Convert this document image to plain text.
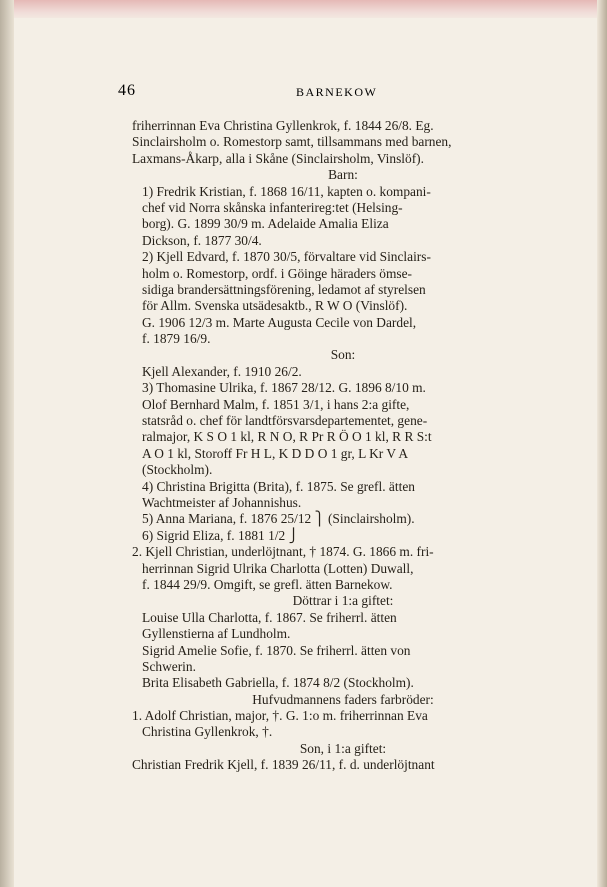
46	BARNEKOW
friherrinnan Eva Christina Gyllenkrok, f. 1844 26/8. Eg.
Sinclairsholm o. Romestorp samt, tillsammans med barnen,
Laxmans-Åkarp, alla i Skåne (Sinclairsholm, Vinslöf).
Barn:
1) Fredrik Kristian, f. 1868 16/11, kapten o. kompani-
chef vid Norra skånska infanterireg:tet (Helsing-
borg). G. 1899 30/9 m. Adelaide Amalia Eliza
Dickson, f. 1877 30/4.
2) Kjell Edvard, f. 1870 30/5, förvaltare vid Sinclairs-
holm o. Romestorp, ordf. i Göinge häraders ömse-
sidiga brandersättningsförening, ledamot af styrelsen
för Allm. Svenska utsädesaktb., R W O (Vinslöf).
G. 1906 12/3 m. Marte Augusta Cecile von Dardel,
f. 1879 16/9.
Son:
Kjell Alexander, f. 1910 26/2.
3) Thomasine Ulrika, f. 1867 28/12. G. 1896 8/10 m.
Olof Bernhard Malm, f. 1851 3/1, i hans 2:a gifte,
statsråd o. chef för landtförsvarsdepartementet, gene-
ralmajor, K S O 1 kl, R N O, R Pr R Ö O 1 kl, R R S:t
A O 1 kl, Storoff Fr H L, K D D O 1 gr, L Kr V A
(Stockholm).
4) Christina Brigitta (Brita), f. 1875. Se grefl. ätten
Wachtmeister af Johannishus.
5) Anna Mariana, f. 1876 25/12 ⎫ (Sinclairsholm).
6) Sigrid Eliza, f. 1881 1/2 ⎭
2. Kjell Christian, underlöjtnant, † 1874. G. 1866 m. fri-
herrinnan Sigrid Ulrika Charlotta (Lotten) Duwall,
f. 1844 29/9. Omgift, se grefl. ätten Barnekow.
Döttrar i 1:a giftet:
Louise Ulla Charlotta, f. 1867. Se friherrl. ätten
Gyllenstierna af Lundholm.
Sigrid Amelie Sofie, f. 1870. Se friherrl. ätten von
Schwerin.
Brita Elisabeth Gabriella, f. 1874 8/2 (Stockholm).
Hufvudmannens faders farbröder:
1. Adolf Christian, major, †. G. 1:o m. friherrinnan Eva
Christina Gyllenkrok, †.
Son, i 1:a giftet:
Christian Fredrik Kjell, f. 1839 26/11, f. d. underlöjtnant
